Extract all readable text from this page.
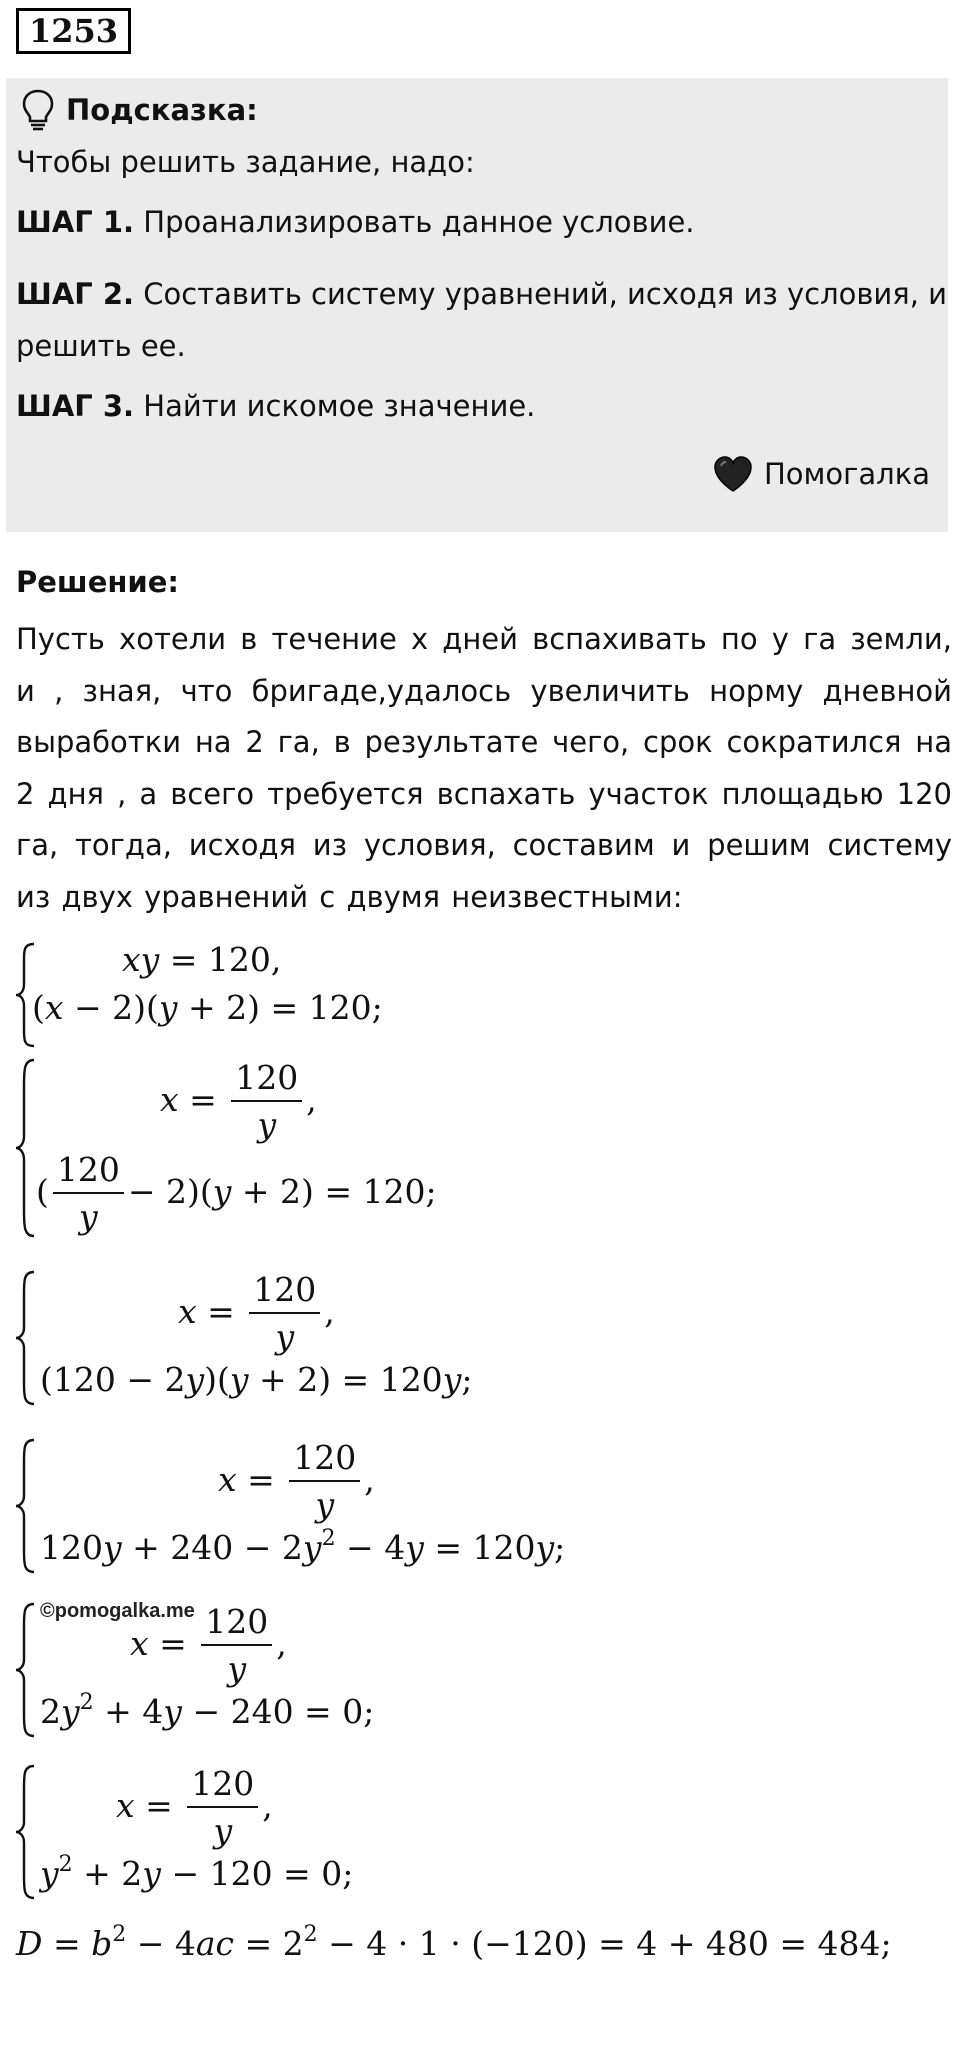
1253
Подсказка:
Чтобы решить задание, надо:
ШАГ 1. Проанализировать данное условие.
ШАГ 2. Составить систему уравнений, исходя из условия, и
решить ее.
ШАГ 3. Найти искомое значение.
Помогалка
Решение:
Пусть хотели в течение x дней вспахивать по y га земли, и , зная, что бригаде,удалось увеличить норму дневной выработки на 2 га, в результате чего, срок сократился на 2 дня , а всего требуется вспахать участок площадью 120 га, тогда, исходя из условия, составим и решим систему из двух уравнений с двумя неизвестными:
xy = 120,
(x − 2)(y + 2) = 120;
$x = \frac{120}{y}$ ,
( $\frac{120}{y} - 2)(y + 2) = 120$;
$x = \frac{120}{y}$ ,
(120 − 2y)(y + 2) = 120y;
$x = \frac{120}{y}$ ,
$120y + 240 - 2y^2 - 4y = 120y$;
$x = \frac{120}{y}$ ,
$2y^2 + 4y - 240 = 0$;
©pomogalka.me
$x = \frac{120}{y}$ ,
$y^2 + 2y - 120 = 0$;
$D = b^2 - 4ac = 2^2 - 4 \cdot 1 \cdot (-120) = 4 + 480 = 484$;
